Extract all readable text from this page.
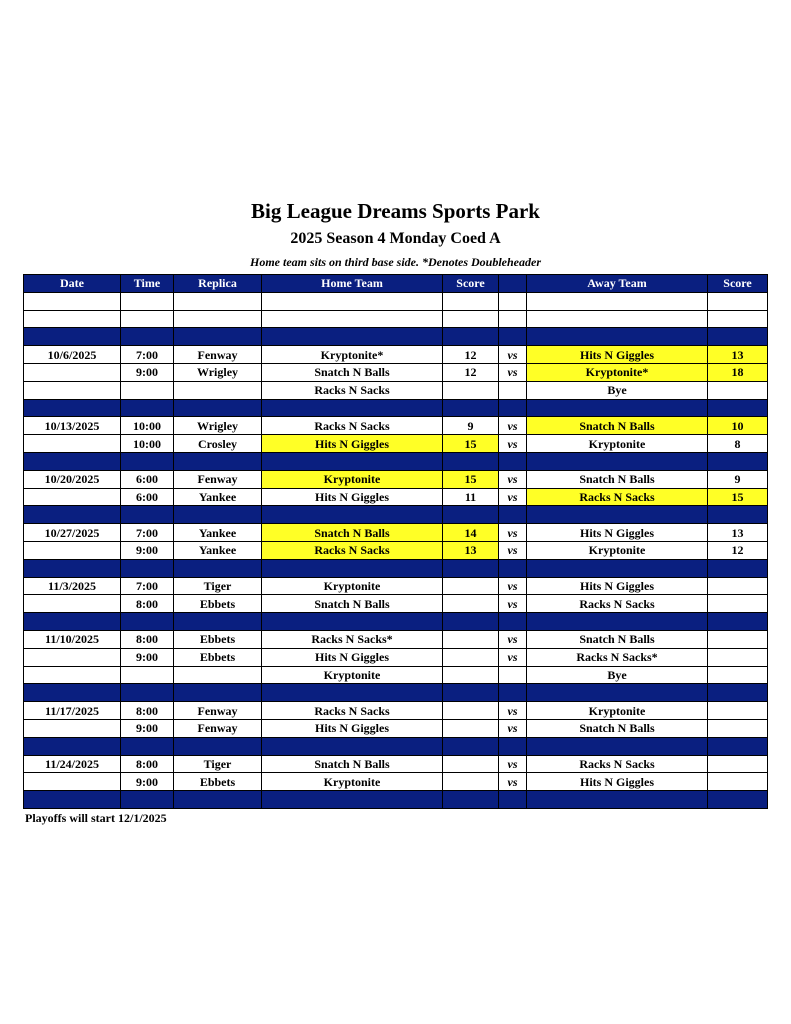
Big League Dreams Sports Park
2025 Season 4 Monday Coed A
Home team sits on third base side. *Denotes Doubleheader
Date	Time	Replica	Home Team	Score		Away Team	Score

10/6/2025	7:00	Fenway	Kryptonite*	12	vs	Hits N Giggles	13
	9:00	Wrigley	Snatch N Balls	12	vs	Kryptonite*	18
			Racks N Sacks			Bye	

10/13/2025	10:00	Wrigley	Racks N Sacks	9	vs	Snatch N Balls	10
	10:00	Crosley	Hits N Giggles	15	vs	Kryptonite	8

10/20/2025	6:00	Fenway	Kryptonite	15	vs	Snatch N Balls	9
	6:00	Yankee	Hits N Giggles	11	vs	Racks N Sacks	15

10/27/2025	7:00	Yankee	Snatch N Balls	14	vs	Hits N Giggles	13
	9:00	Yankee	Racks N Sacks	13	vs	Kryptonite	12

11/3/2025	7:00	Tiger	Kryptonite		vs	Hits N Giggles	
	8:00	Ebbets	Snatch N Balls		vs	Racks N Sacks	

11/10/2025	8:00	Ebbets	Racks N Sacks*		vs	Snatch N Balls	
	9:00	Ebbets	Hits N Giggles		vs	Racks N Sacks*	
			Kryptonite			Bye	

11/17/2025	8:00	Fenway	Racks N Sacks		vs	Kryptonite	
	9:00	Fenway	Hits N Giggles		vs	Snatch N Balls	

11/24/2025	8:00	Tiger	Snatch N Balls		vs	Racks N Sacks	
	9:00	Ebbets	Kryptonite		vs	Hits N Giggles	

Playoffs will start 12/1/2025
